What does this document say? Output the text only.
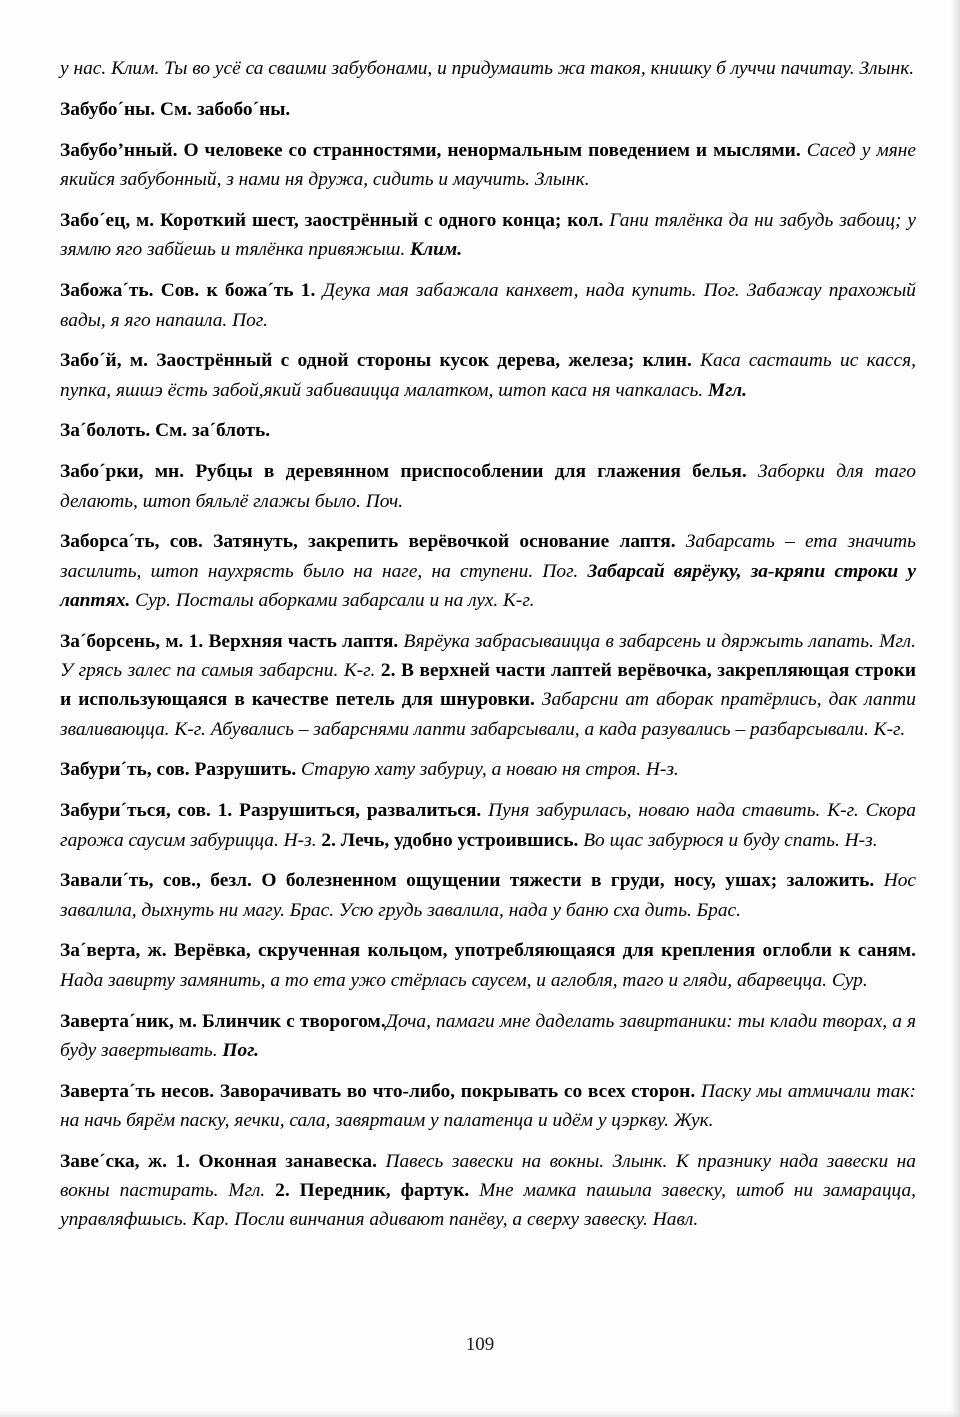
у нас. Клим. Ты во усё са сваими забубонами, и придумаить жа такоя, книшку б луччи пачитау. Злынк.

Забубо´ны. См. забобо´ны.

Забубо’нный. О человеке со странностями, ненормальным поведением и мыслями. Сасед у мяне якийся забубонный, з нами ня дружа, сидить и маучить. Злынк.

Забо´ец, м. Короткий шест, заострённый с одного конца; кол. Гани тялёнка да ни забудь забоиц; у зямлю яго забйешь и тялёнка привяжыш. Клим.

Забожа´ть. Сов. к божа´ть 1. Деука мая забажала канхвет, нада купить. Пог. Забажау прахожый вады, я яго напаила. Пог.

Забо´й, м. Заострённый с одной стороны кусок дерева, железа; клин. Каса састаить ис касся, пупка, яшшэ ёсть забой,який забиваицца малатком, штоп каса ня чапкалась. Мгл.

За´болоть. См. за´блоть.

Забо´рки, мн. Рубцы в деревянном приспособлении для глажения белья. Заборки для таго делають, штоп бяльлё глажы было. Поч.

Заборса´ть, сов. Затянуть, закрепить верёвочкой основание лаптя. Забарсать – ета значить засилить, штоп наухрясть было на наге, на ступени. Пог. Забарсай вярёуку, за-кряпи строки у лаптях. Сур. Посталы аборками забарсали и на лух. К-г.

За´борсень, м. 1. Верхняя часть лаптя. Вярёука забрасываицца в забарсень и дяржыть лапать. Мгл. У грясь залес па самыя забарсни. К-г. 2. В верхней части лаптей верёвочка, закрепляющая строки и использующаяся в качестве петель для шнуровки. Забарсни ат аборак пратёрлись, дак лапти зваливаюцца. К-г. Абувались – забарснями лапти забарсывали, а када разувались – разбарсывали. К-г.

Забури´ть, сов. Разрушить. Старую хату забуриу, а новаю ня строя. Н-з.

Забури´ться, сов. 1. Разрушиться, развалиться. Пуня забурилась, новаю нада ставить. К-г. Скора гарожа саусим забурицца. Н-з. 2. Лечь, удобно устроившись. Во щас забурюся и буду спать. Н-з.

Завали´ть, сов., безл. О болезненном ощущении тяжести в груди, носу, ушах; заложить. Нос завалила, дыхнуть ни магу. Брас. Усю грудь завалила, нада у баню сха дить. Брас.

За´верта, ж. Верёвка, скрученная кольцом, употребляющаяся для крепления оглобли к саням. Нада завирту замянить, а то ета ужо стёрлась саусем, и аглобля, таго и гляди, абарвецца. Сур.

Заверта´ник, м. Блинчик с творогом.Доча, памаги мне даделать завиртаники: ты клади творах, а я буду завертывать. Пог.

Заверта´ть несов. Заворачивать во что-либо, покрывать со всех сторон. Паску мы атмичали так: на начь бярём паску, яечки, сала, завяртаим у палатенца и идём у цэркву. Жук.

Заве´ска, ж. 1. Оконная занавеска. Павесь завески на вокны. Злынк. К празнику нада завески на вокны пастирать. Мгл. 2. Передник, фартук. Мне мамка пашыла завеску, штоб ни замарацца, управляфшысь. Кар. Посли винчания адивают панёву, а сверху завеску. Навл.

109
